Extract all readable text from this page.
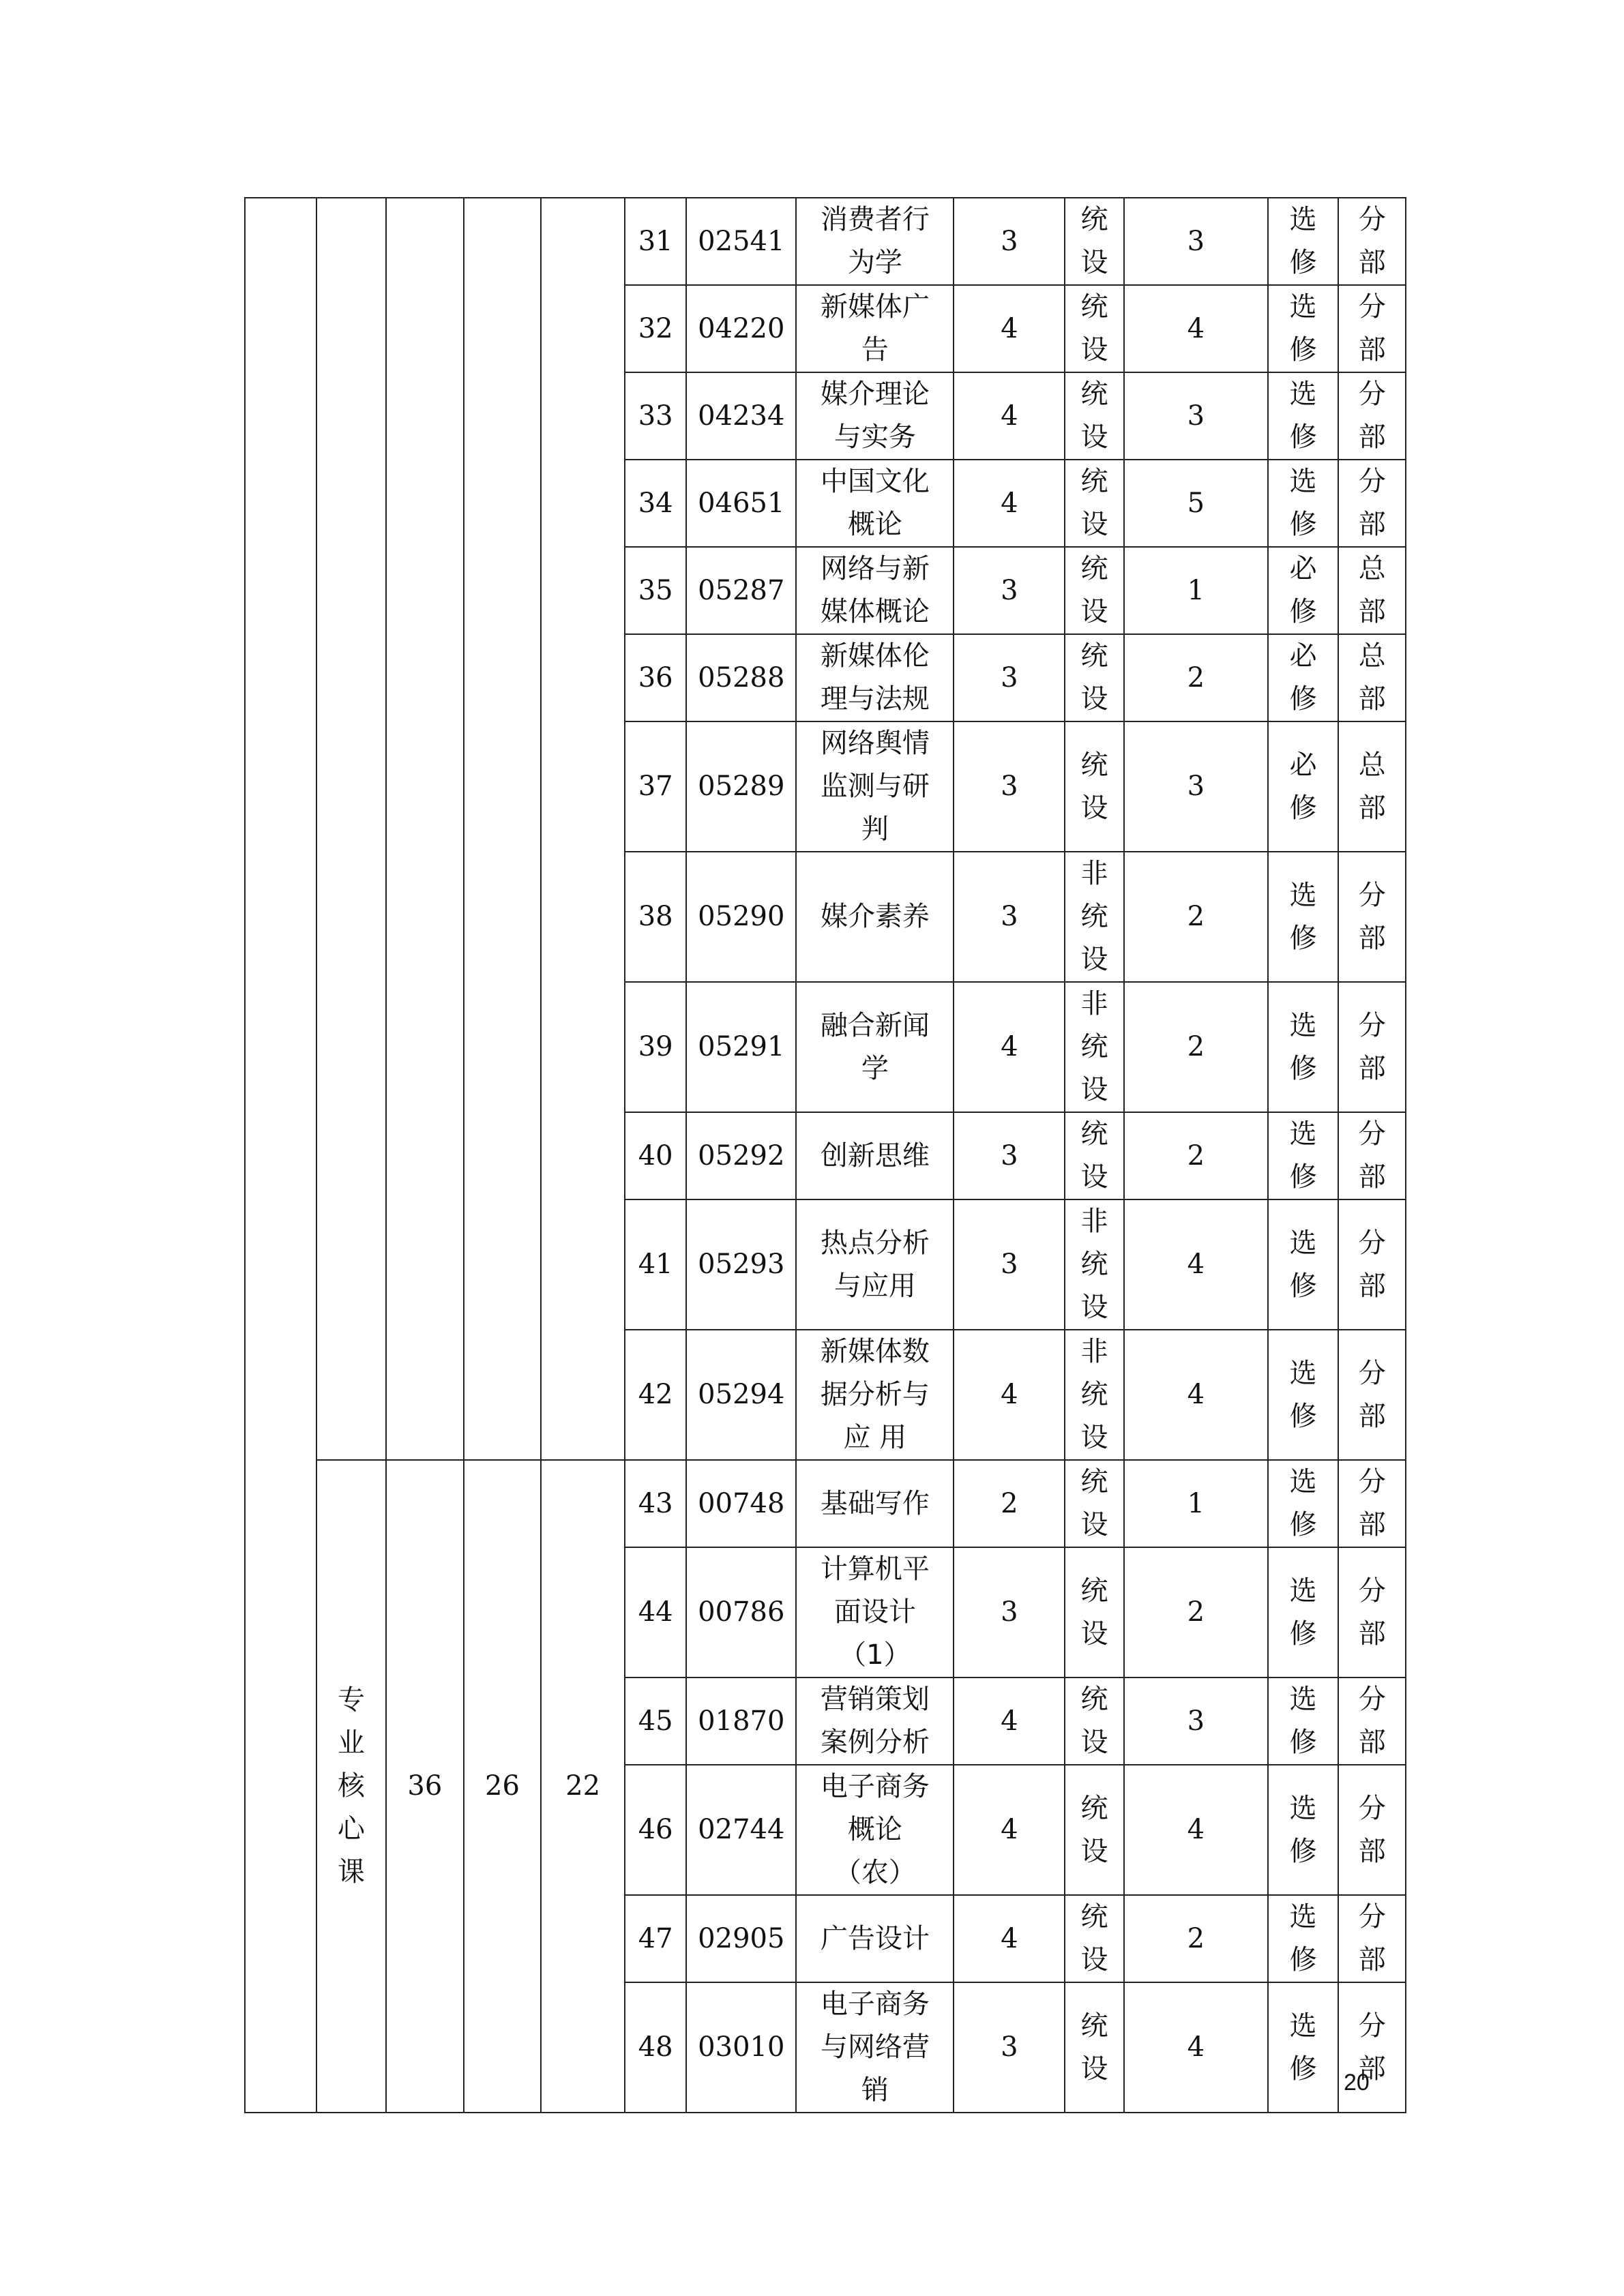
					31	02541	消费者行为学	3	统设	3	选修	分部
					32	04220	新媒体广告	4	统设	4	选修	分部
					33	04234	媒介理论与实务	4	统设	3	选修	分部
					34	04651	中国文化概论	4	统设	5	选修	分部
					35	05287	网络与新媒体概论	3	统设	1	必修	总部
					36	05288	新媒体伦理与法规	3	统设	2	必修	总部
					37	05289	网络舆情监测与研判	3	统设	3	必修	总部
					38	05290	媒介素养	3	非统设	2	选修	分部
					39	05291	融合新闻学	4	非统设	2	选修	分部
					40	05292	创新思维	3	统设	2	选修	分部
					41	05293	热点分析与应用	3	非统设	4	选修	分部
					42	05294	新媒体数据分析与应 用	4	非统设	4	选修	分部
	专业核心课	36	26	22	43	00748	基础写作	2	统设	1	选修	分部
					44	00786	计算机平面设计（1）	3	统设	2	选修	分部
					45	01870	营销策划案例分析	4	统设	3	选修	分部
					46	02744	电子商务概论（农）	4	统设	4	选修	分部
					47	02905	广告设计	4	统设	2	选修	分部
					48	03010	电子商务与网络营销	3	统设	4	选修	分部
20
